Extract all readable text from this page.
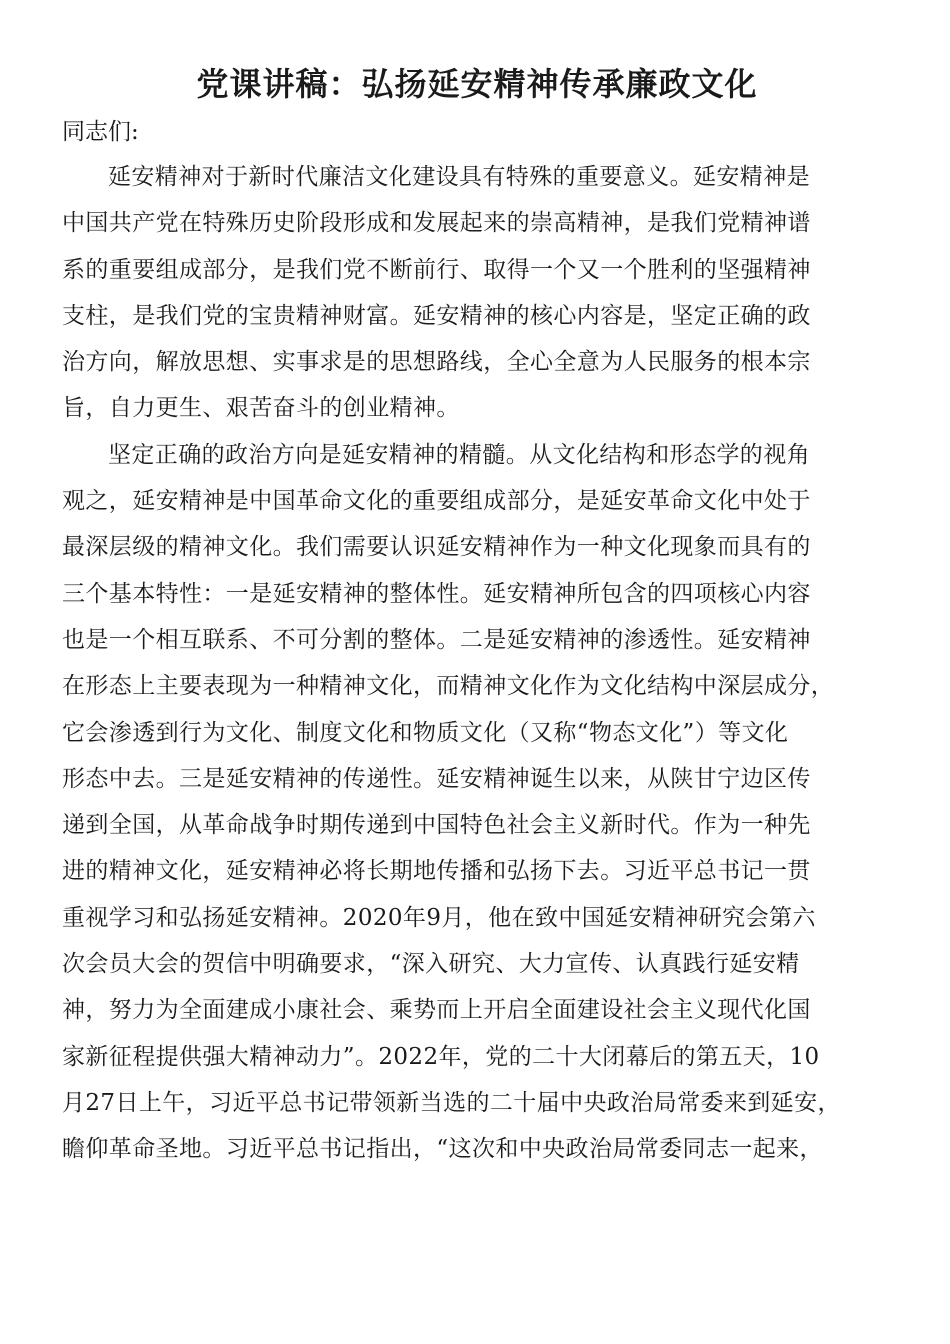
党课讲稿：弘扬延安精神传承廉政文化

同志们:

延安精神对于新时代廉洁文化建设具有特殊的重要意义。延安精神是
中国共产党在特殊历史阶段形成和发展起来的崇高精神，是我们党精神谱
系的重要组成部分，是我们党不断前行、取得一个又一个胜利的坚强精神
支柱，是我们党的宝贵精神财富。延安精神的核心内容是，坚定正确的政
治方向，解放思想、实事求是的思想路线，全心全意为人民服务的根本宗
旨，自力更生、艰苦奋斗的创业精神。

坚定正确的政治方向是延安精神的精髓。从文化结构和形态学的视角
观之，延安精神是中国革命文化的重要组成部分，是延安革命文化中处于
最深层级的精神文化。我们需要认识延安精神作为一种文化现象而具有的
三个基本特性：一是延安精神的整体性。延安精神所包含的四项核心内容
也是一个相互联系、不可分割的整体。二是延安精神的渗透性。延安精神
在形态上主要表现为一种精神文化，而精神文化作为文化结构中深层成分，
它会渗透到行为文化、制度文化和物质文化（又称“物态文化”）等文化
形态中去。三是延安精神的传递性。延安精神诞生以来，从陕甘宁边区传
递到全国，从革命战争时期传递到中国特色社会主义新时代。作为一种先
进的精神文化，延安精神必将长期地传播和弘扬下去。习近平总书记一贯
重视学习和弘扬延安精神。2020年9月，他在致中国延安精神研究会第六
次会员大会的贺信中明确要求，“深入研究、大力宣传、认真践行延安精
神，努力为全面建成小康社会、乘势而上开启全面建设社会主义现代化国
家新征程提供强大精神动力”。2022年，党的二十大闭幕后的第五天，10
月27日上午，习近平总书记带领新当选的二十届中央政治局常委来到延安，
瞻仰革命圣地。习近平总书记指出，“这次和中央政治局常委同志一起来，
